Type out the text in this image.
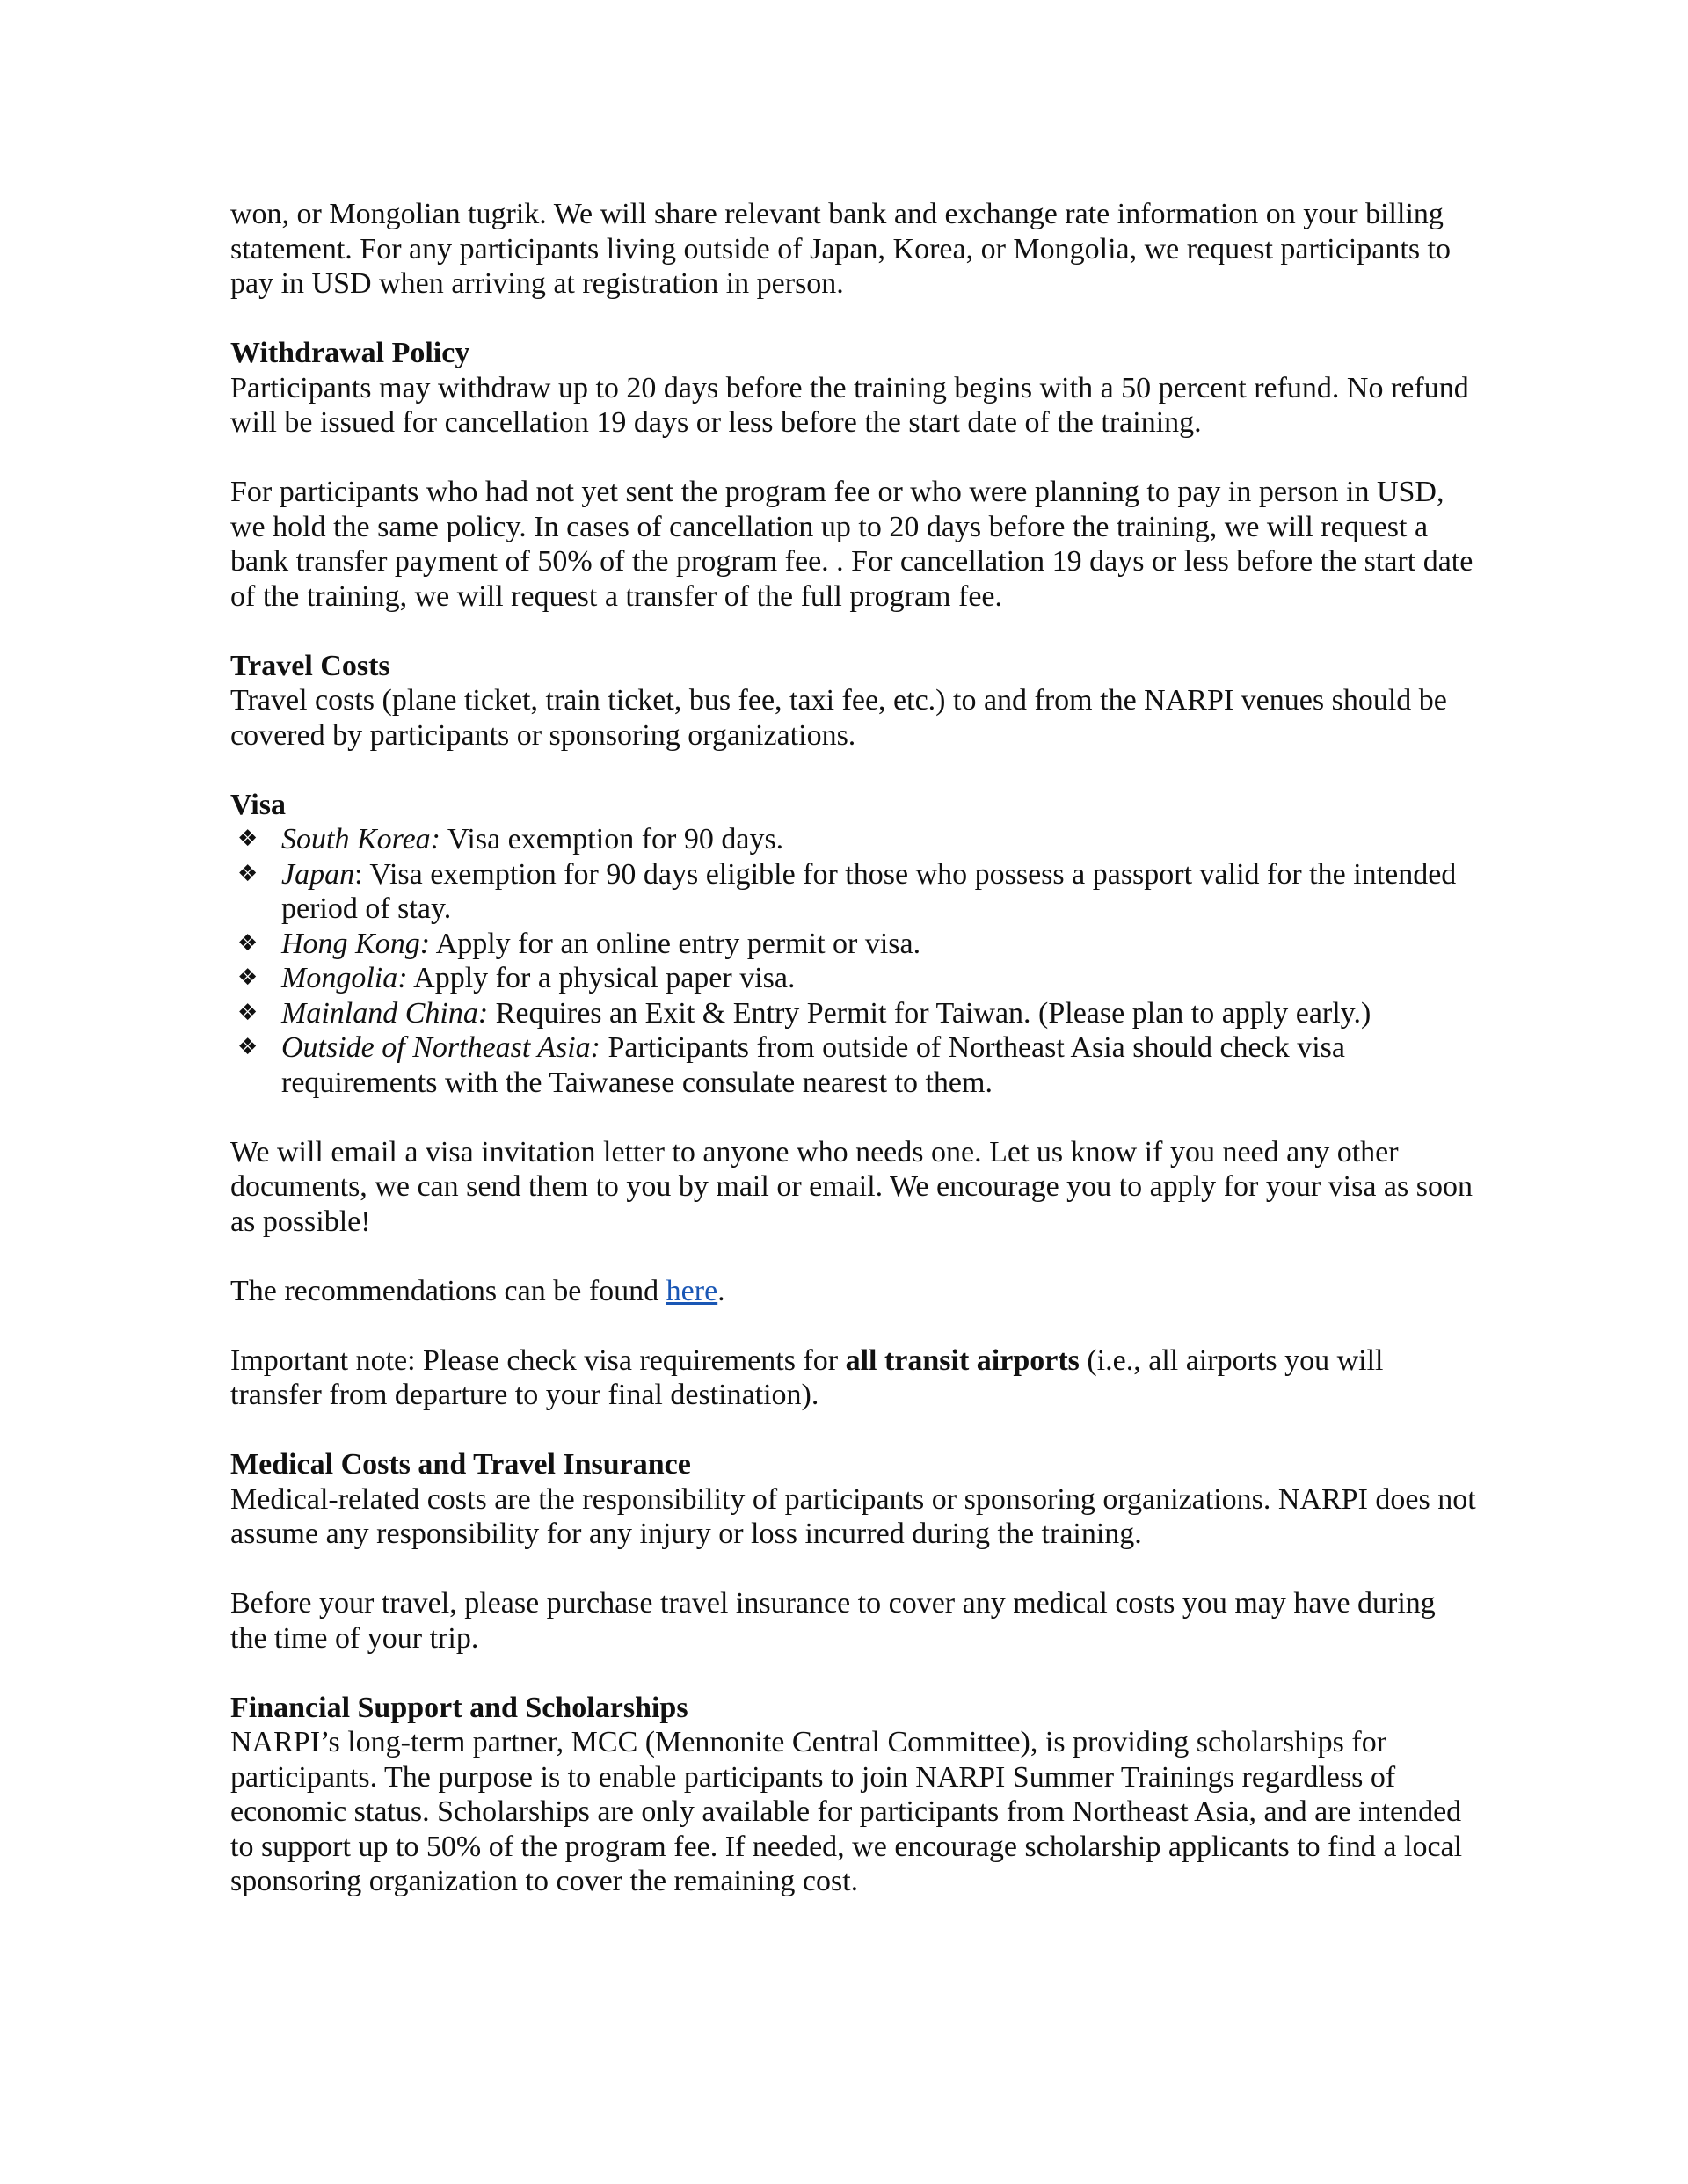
won, or Mongolian tugrik. We will share relevant bank and exchange rate information on your billing statement. For any participants living outside of Japan, Korea, or Mongolia, we request participants to pay in USD when arriving at registration in person.

Withdrawal Policy

Participants may withdraw up to 20 days before the training begins with a 50 percent refund. No refund will be issued for cancellation 19 days or less before the start date of the training.

For participants who had not yet sent the program fee or who were planning to pay in person in USD, we hold the same policy. In cases of cancellation up to 20 days before the training, we will request a bank transfer payment of 50% of the program fee. . For cancellation 19 days or less before the start date of the training, we will request a transfer of the full program fee.

Travel Costs

Travel costs (plane ticket, train ticket, bus fee, taxi fee, etc.) to and from the NARPI venues should be covered by participants or sponsoring organizations.

Visa

❖ South Korea: Visa exemption for 90 days.
❖ Japan: Visa exemption for 90 days eligible for those who possess a passport valid for the intended period of stay.
❖ Hong Kong: Apply for an online entry permit or visa.
❖ Mongolia: Apply for a physical paper visa.
❖ Mainland China: Requires an Exit & Entry Permit for Taiwan. (Please plan to apply early.)
❖ Outside of Northeast Asia: Participants from outside of Northeast Asia should check visa requirements with the Taiwanese consulate nearest to them.

We will email a visa invitation letter to anyone who needs one. Let us know if you need any other documents, we can send them to you by mail or email. We encourage you to apply for your visa as soon as possible!

The recommendations can be found here.

Important note: Please check visa requirements for all transit airports (i.e., all airports you will transfer from departure to your final destination).

Medical Costs and Travel Insurance

Medical-related costs are the responsibility of participants or sponsoring organizations. NARPI does not assume any responsibility for any injury or loss incurred during the training.

Before your travel, please purchase travel insurance to cover any medical costs you may have during the time of your trip.

Financial Support and Scholarships

NARPI’s long-term partner, MCC (Mennonite Central Committee), is providing scholarships for participants. The purpose is to enable participants to join NARPI Summer Trainings regardless of economic status. Scholarships are only available for participants from Northeast Asia, and are intended to support up to 50% of the program fee. If needed, we encourage scholarship applicants to find a local sponsoring organization to cover the remaining cost.
